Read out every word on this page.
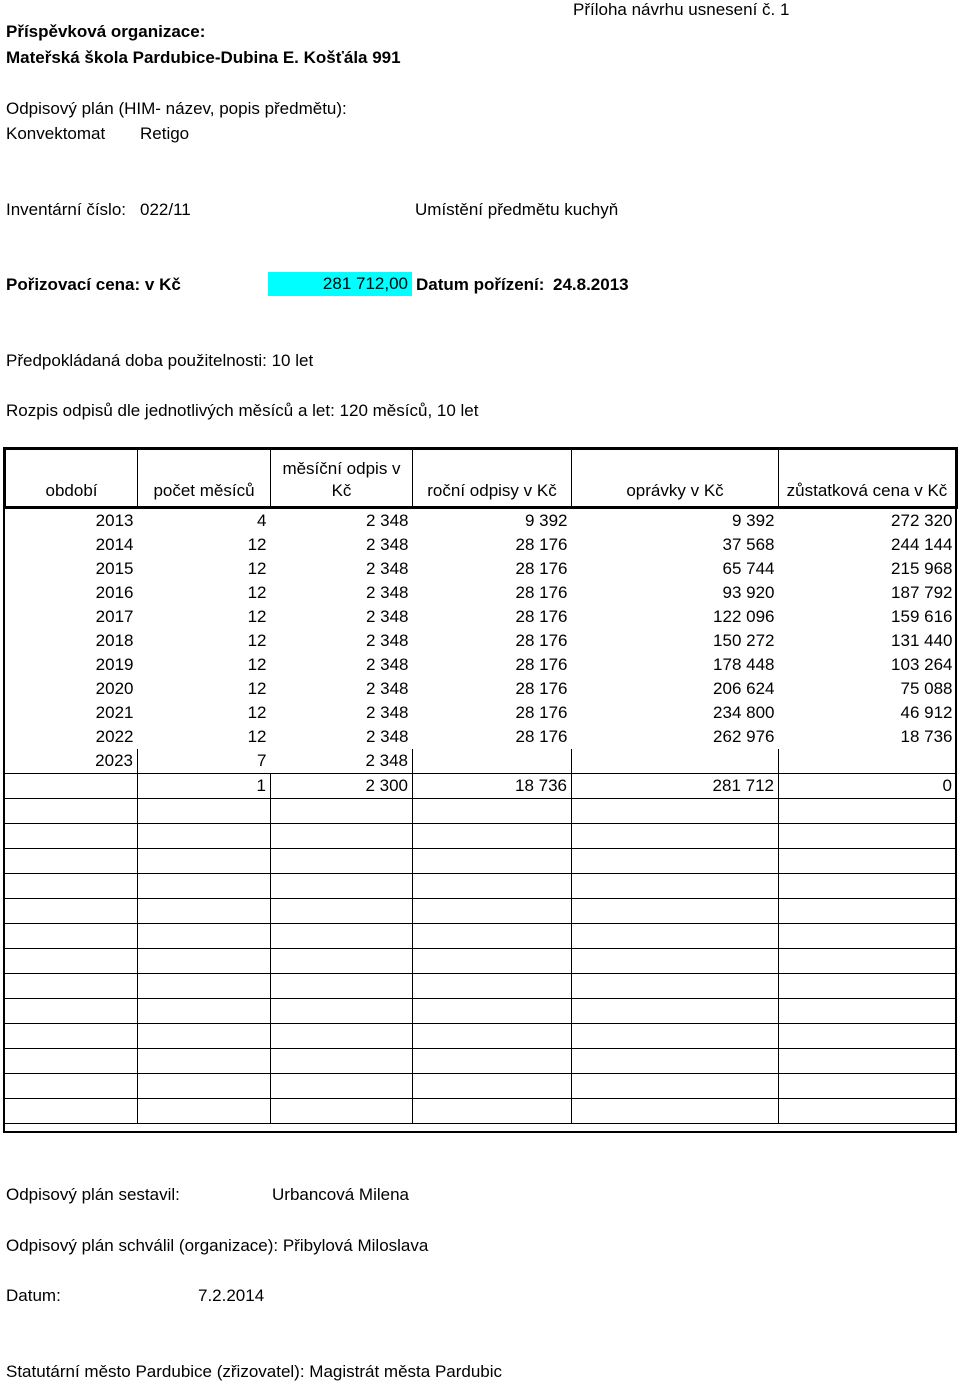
Příspěvková organizace:
Mateřská škola Pardubice-Dubina E. Košťála 991
Příloha návrhu usnesení č. 1
Odpisový plán (HIM- název, popis předmětu):
Konvektomat Retigo
Inventární číslo: 022/11	Umístění předmětu kuchyň
Pořizovací cena: v Kč	281 712,00 Datum pořízení: 24.8.2013
Předpokládaná doba použitelnosti: 10 let
Rozpis odpisů dle jednotlivých měsíců a let: 120 měsíců, 10 let
období	počet měsíců	měsíční odpis v Kč	roční odpisy v Kč	oprávky v Kč	zůstatková cena v Kč
2013	4	2 348	9 392	9 392	272 320
2014	12	2 348	28 176	37 568	244 144
2015	12	2 348	28 176	65 744	215 968
2016	12	2 348	28 176	93 920	187 792
2017	12	2 348	28 176	122 096	159 616
2018	12	2 348	28 176	150 272	131 440
2019	12	2 348	28 176	178 448	103 264
2020	12	2 348	28 176	206 624	75 088
2021	12	2 348	28 176	234 800	46 912
2022	12	2 348	28 176	262 976	18 736
2023	7	2 348			
	1	2 300	18 736	281 712	0

Odpisový plán sestavil:	Urbancová Milena
Odpisový plán schválil (organizace): Přibylová Miloslava
Datum:	7.2.2014
Statutární město Pardubice (zřizovatel): Magistrát města Pardubic
